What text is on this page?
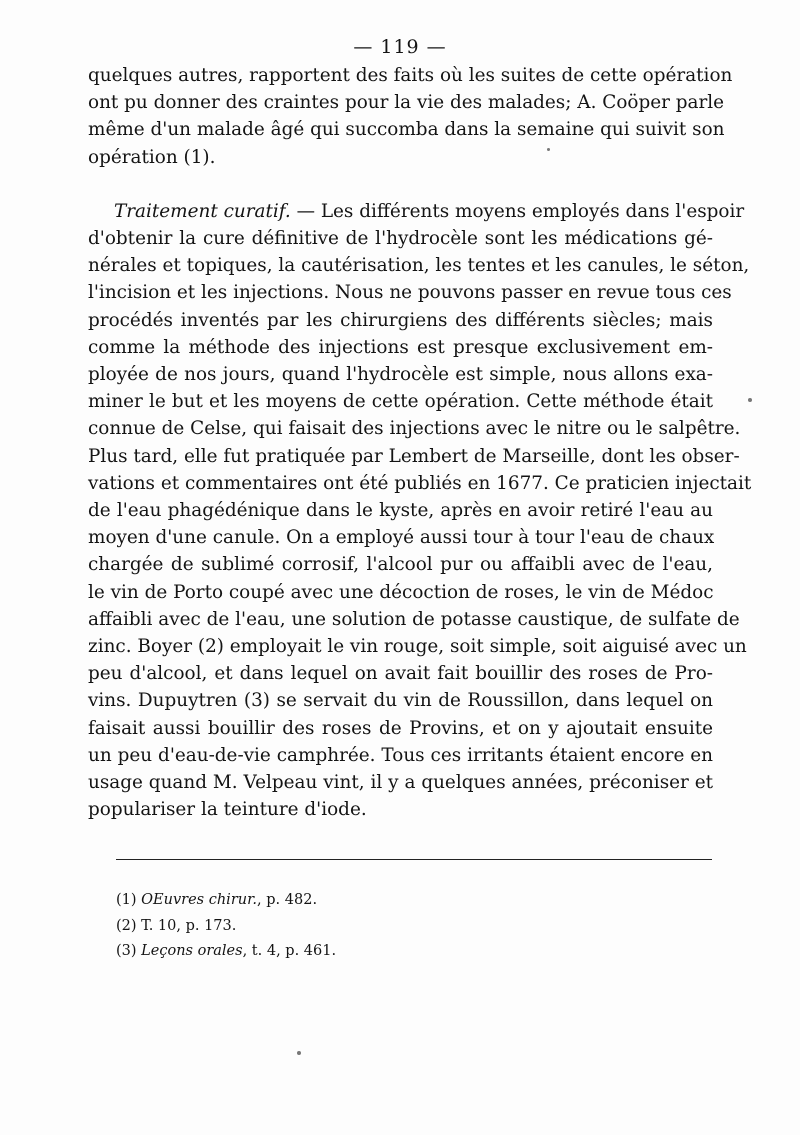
— 119 —
quelques autres, rapportent des faits où les suites de cette opération
ont pu donner des craintes pour la vie des malades; A. Coöper parle
même d'un malade âgé qui succomba dans la semaine qui suivit son
opération (1).
Traitement curatif. — Les différents moyens employés dans l'espoir
d'obtenir la cure définitive de l'hydrocèle sont les médications gé-
nérales et topiques, la cautérisation, les tentes et les canules, le séton,
l'incision et les injections. Nous ne pouvons passer en revue tous ces
procédés inventés par les chirurgiens des différents siècles; mais
comme la méthode des injections est presque exclusivement em-
ployée de nos jours, quand l'hydrocèle est simple, nous allons exa-
miner le but et les moyens de cette opération. Cette méthode était
connue de Celse, qui faisait des injections avec le nitre ou le salpêtre.
Plus tard, elle fut pratiquée par Lembert de Marseille, dont les obser-
vations et commentaires ont été publiés en 1677. Ce praticien injectait
de l'eau phagédénique dans le kyste, après en avoir retiré l'eau au
moyen d'une canule. On a employé aussi tour à tour l'eau de chaux
chargée de sublimé corrosif, l'alcool pur ou affaibli avec de l'eau,
le vin de Porto coupé avec une décoction de roses, le vin de Médoc
affaibli avec de l'eau, une solution de potasse caustique, de sulfate de
zinc. Boyer (2) employait le vin rouge, soit simple, soit aiguisé avec un
peu d'alcool, et dans lequel on avait fait bouillir des roses de Pro-
vins. Dupuytren (3) se servait du vin de Roussillon, dans lequel on
faisait aussi bouillir des roses de Provins, et on y ajoutait ensuite
un peu d'eau-de-vie camphrée. Tous ces irritants étaient encore en
usage quand M. Velpeau vint, il y a quelques années, préconiser et
populariser la teinture d'iode.
(1) OEuvres chirur., p. 482.
(2) T. 10, p. 173.
(3) Leçons orales, t. 4, p. 461.
